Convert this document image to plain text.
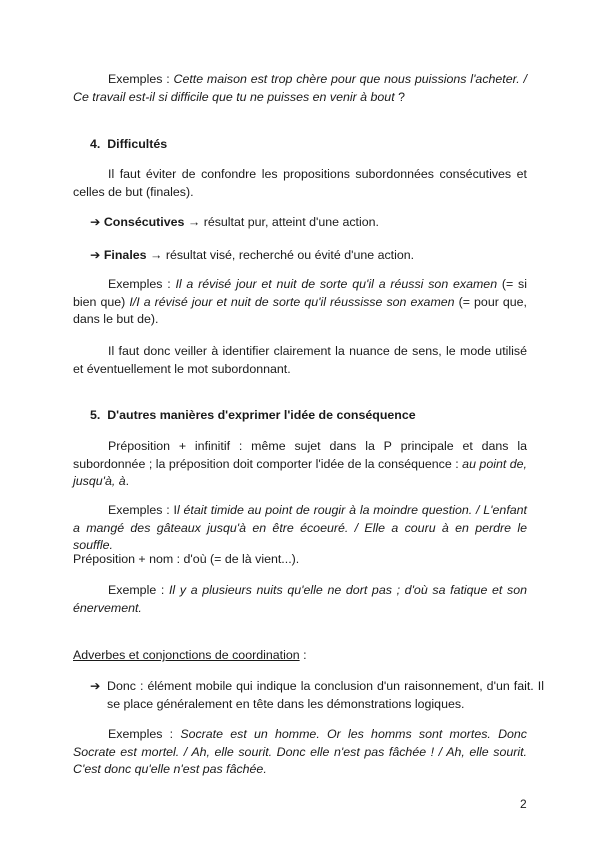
Exemples : Cette maison est trop chère pour que nous puissions l'acheter. / Ce travail est-il si difficile que tu ne puisses en venir à bout ?

4. Difficultés

Il faut éviter de confondre les propositions subordonnées consécutives et celles de but (finales).

➔ Consécutives → résultat pur, atteint d'une action.

➔ Finales → résultat visé, recherché ou évité d'une action.

Exemples : Il a révisé jour et nuit de sorte qu'il a réussi son examen (= si bien que) I/I a révisé jour et nuit de sorte qu'il réussisse son examen (= pour que, dans le but de).

Il faut donc veiller à identifier clairement la nuance de sens, le mode utilisé et éventuellement le mot subordonnant.

5. D'autres manières d'exprimer l'idée de conséquence

Préposition + infinitif : même sujet dans la P principale et dans la subordonnée ; la préposition doit comporter l'idée de la conséquence : au point de, jusqu'à, à.

Exemples : Il était timide au point de rougir à la moindre question. / L'enfant a mangé des gâteaux jusqu'à en être écoeuré. / Elle a couru à en perdre le souffle.

Préposition + nom : d'où (= de là vient...).

Exemple : Il y a plusieurs nuits qu'elle ne dort pas ; d'où sa fatique et son énervement.

Adverbes et conjonctions de coordination :

➔ Donc : élément mobile qui indique la conclusion d'un raisonnement, d'un fait. Il se place généralement en tête dans les démonstrations logiques.

Exemples : Socrate est un homme. Or les homms sont mortes. Donc Socrate est mortel. / Ah, elle sourit. Donc elle n'est pas fâchée ! / Ah, elle sourit. C'est donc qu'elle n'est pas fâchée.

2
